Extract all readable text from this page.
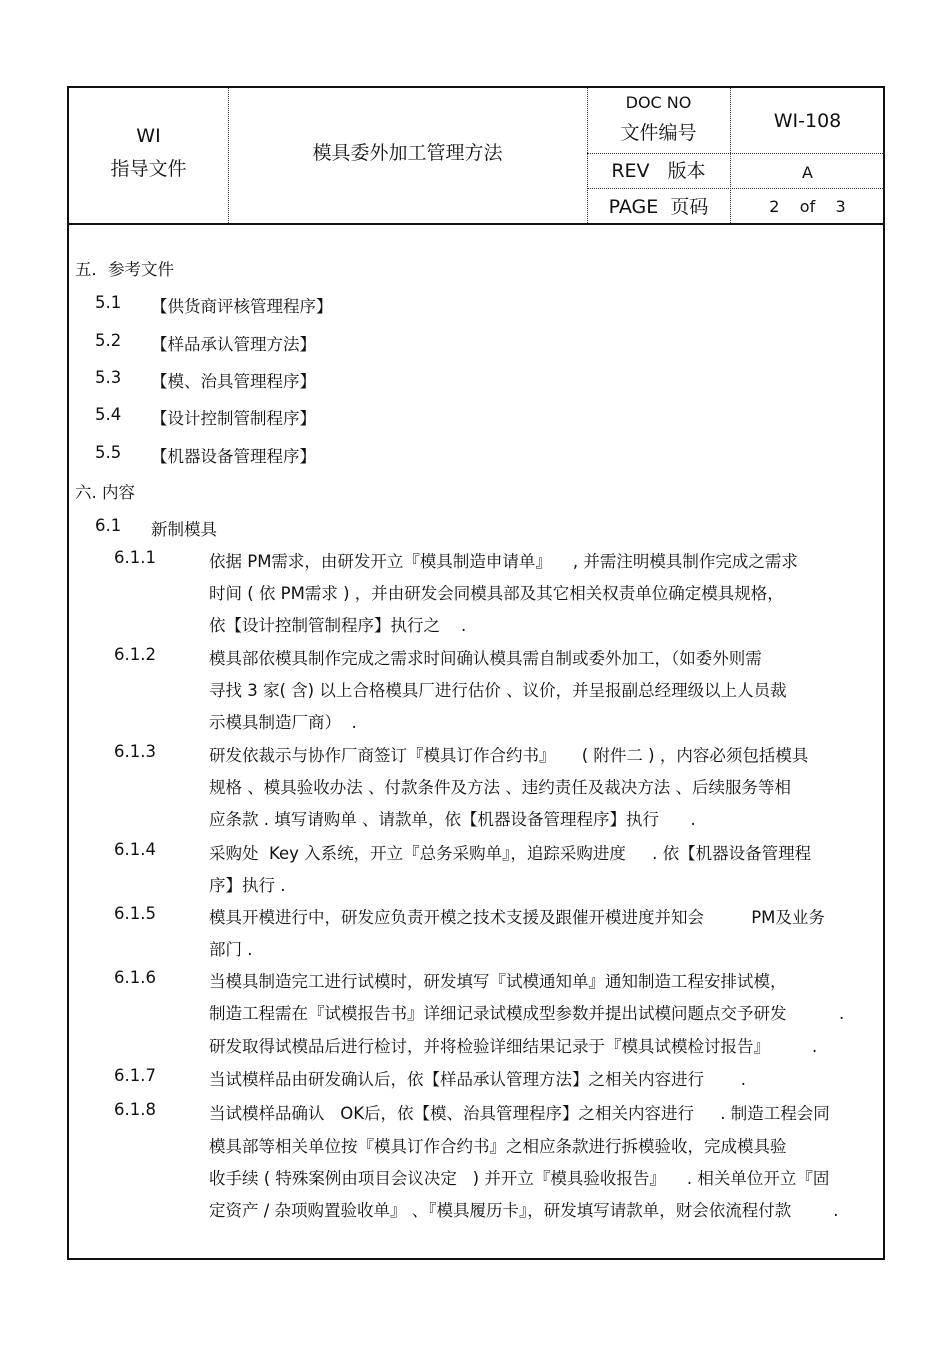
WI
指导文件
模具委外加工管理方法
DOC NO
文件编号
WI-108
REV   版本	A
PAGE  页码	2    of    3
五．参考文件
5.1 【供货商评核管理程序】
5.2 【样品承认管理方法】
5.3 【模、治具管理程序】
5.4 【设计控制管制程序】
5.5 【机器设备管理程序】
六. 内容
6.1 新制模具
6.1.1	依据 PM需求，由研发开立『模具制造申请单』    , 并需注明模具制作完成之需求
时间 ( 依 PM需求 ) ，并由研发会同模具部及其它相关权责单位确定模具规格，
依【设计控制管制程序】执行之    .
6.1.2	模具部依模具制作完成之需求时间确认模具需自制或委外加工，（如委外则需
寻找 3 家( 含) 以上合格模具厂进行估价 、议价，并呈报副总经理级以上人员裁
示模具制造厂商）  .
6.1.3	研发依裁示与协作厂商签订『模具订作合约书』     ( 附件二 ) ，内容必须包括模具
规格 、模具验收办法 、付款条件及方法 、违约责任及裁决方法 、后续服务等相
应条款 . 填写请购单 、请款单，依【机器设备管理程序】执行      .
6.1.4	采购处  Key 入系统，开立『总务采购单』，追踪采购进度     . 依【机器设备管理程
序】执行 .
6.1.5	模具开模进行中，研发应负责开模之技术支援及跟催开模进度并知会         PM及业务
部门 .
6.1.6	当模具制造完工进行试模时，研发填写『试模通知单』通知制造工程安排试模，
制造工程需在『试模报告书』详细记录试模成型参数并提出试模问题点交予研发          .
研发取得试模品后进行检讨，并将检验详细结果记录于『模具试模检讨报告』        .
6.1.7	当试模样品由研发确认后，依【样品承认管理方法】之相关内容进行       .
6.1.8	当试模样品确认   OK后，依【模、治具管理程序】之相关内容进行     . 制造工程会同
模具部等相关单位按『模具订作合约书』之相应条款进行拆模验收，完成模具验
收手续 ( 特殊案例由项目会议决定   ) 并开立『模具验收报告』    . 相关单位开立『固
定资产 / 杂项购置验收单』 、『模具履历卡』，研发填写请款单，财会依流程付款        .
